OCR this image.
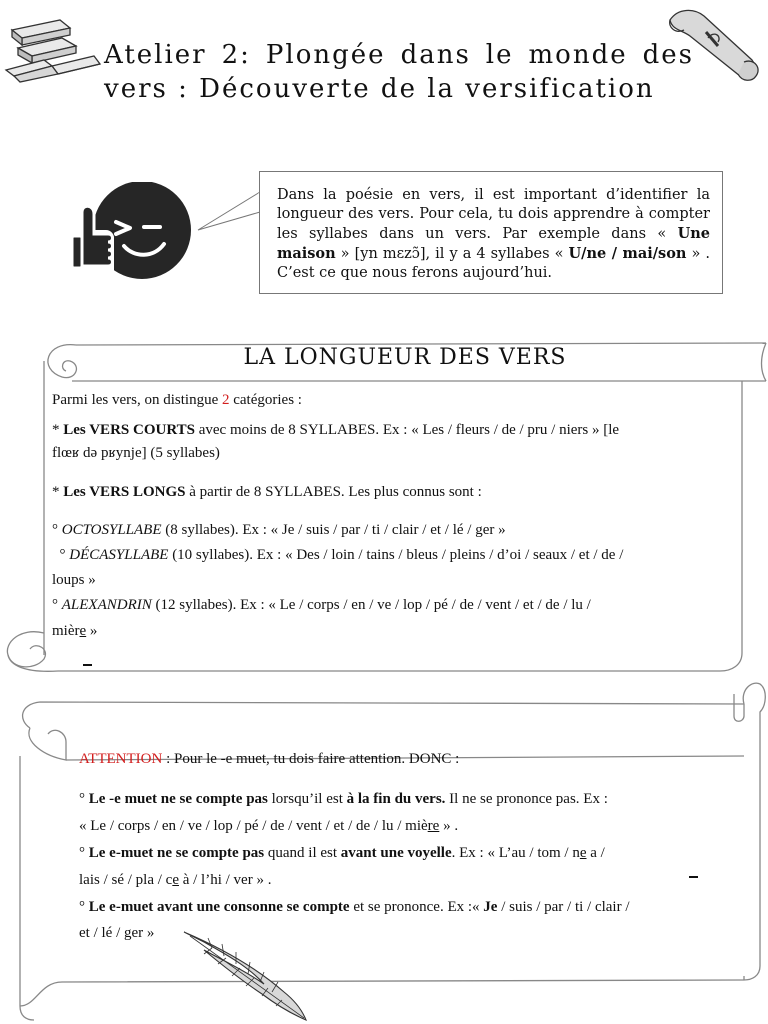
Atelier 2: Plongée dans le monde des vers : Découverte de la versification
Dans la poésie en vers, il est important d’identifier la longueur des vers. Pour cela, tu dois apprendre à compter les syllabes dans un vers. Par exemple dans « Une maison » [yn mɛzɔ̃], il y a 4 syllabes « U/ne / mai/son » . C’est ce que nous ferons aujourd’hui.
LA LONGUEUR DES VERS
Parmi les vers, on distingue 2 catégories :
* Les VERS COURTS avec moins de 8 SYLLABES. Ex : « Les / fleurs / de / pru / niers » [le
flœʁ də pʁynje] (5 syllabes)
* Les VERS LONGS à partir de 8 SYLLABES. Les plus connus sont :
° OCTOSYLLABE (8 syllabes). Ex : « Je / suis / par / ti / clair / et / lé / ger »
° DÉCASYLLABE (10 syllabes). Ex : « Des / loin / tains / bleus / pleins / d’oi / seaux / et / de /
loups »
° ALEXANDRIN (12 syllabes). Ex : « Le / corps / en / ve / lop / pé / de / vent / et / de / lu /
mière »
ATTENTION : Pour le -e muet, tu dois faire attention. DONC :
° Le -e muet ne se compte pas lorsqu’il est à la fin du vers. Il ne se prononce pas. Ex :
« Le / corps / en / ve / lop / pé / de / vent / et / de / lu / mière » .
° Le e-muet ne se compte pas quand il est avant une voyelle. Ex : « L’au / tom / ne a /
lais / sé / pla / ce à / l’hi / ver » .
° Le e-muet avant une consonne se compte et se prononce. Ex :« Je / suis / par / ti / clair /
et / lé / ger »
